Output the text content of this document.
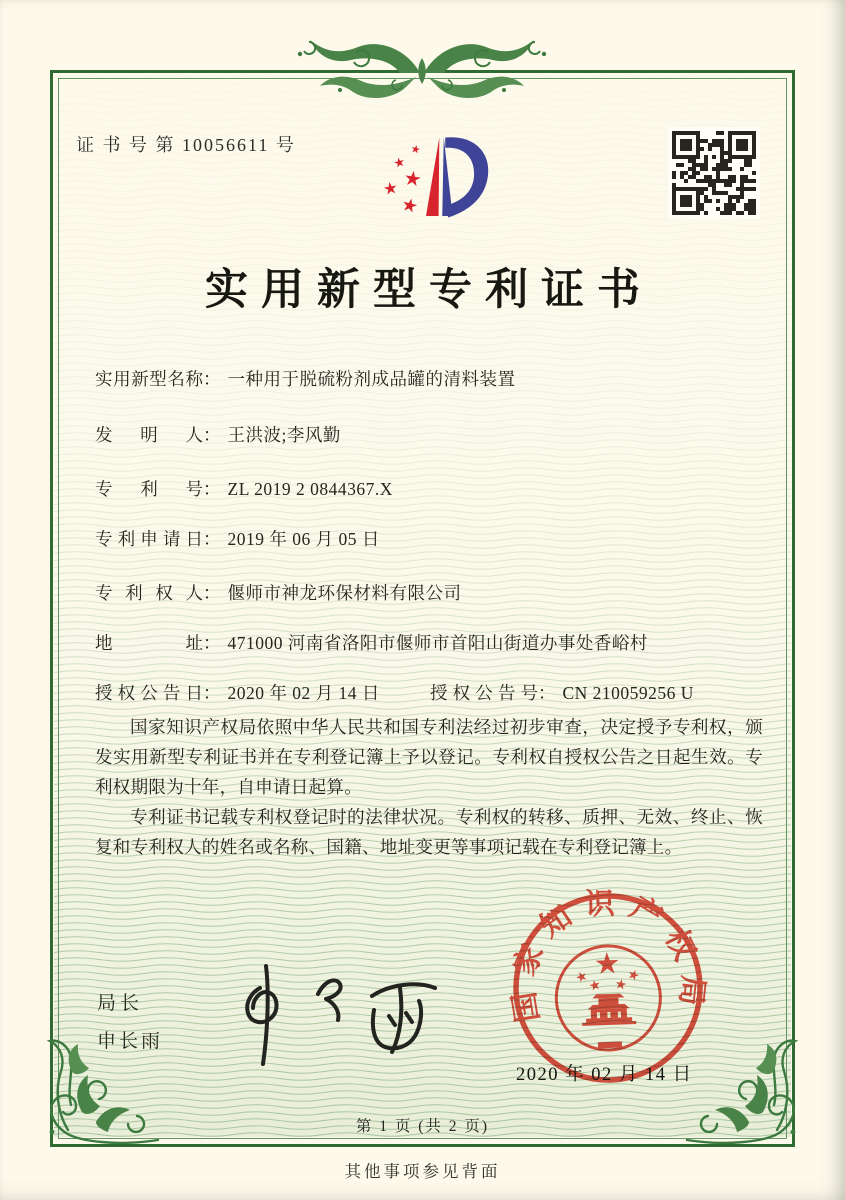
证 书 号 第 10056611 号
实用新型专利证书
实用新型名称： 一种用于脱硫粉剂成品罐的清料装置
发明人： 王洪波;李风勤
专利号： ZL 2019 2 0844367.X
专利申请日： 2019 年 06 月 05 日
专利权人： 偃师市神龙环保材料有限公司
地址： 471000 河南省洛阳市偃师市首阳山街道办事处香峪村
授权公告日： 2020 年 02 月 14 日	授权公告号： CN 210059256 U

国家知识产权局依照中华人民共和国专利法经过初步审查，决定授予专利权，颁发实用新型专利证书并在专利登记簿上予以登记。专利权自授权公告之日起生效。专利权期限为十年，自申请日起算。

专利证书记载专利权登记时的法律状况。专利权的转移、质押、无效、终止、恢复和专利权人的姓名或名称、国籍、地址变更等事项记载在专利登记簿上。

局长
申长雨
国家知识产权局
2020 年 02 月 14 日
第 1 页 (共 2 页)
其他事项参见背面
